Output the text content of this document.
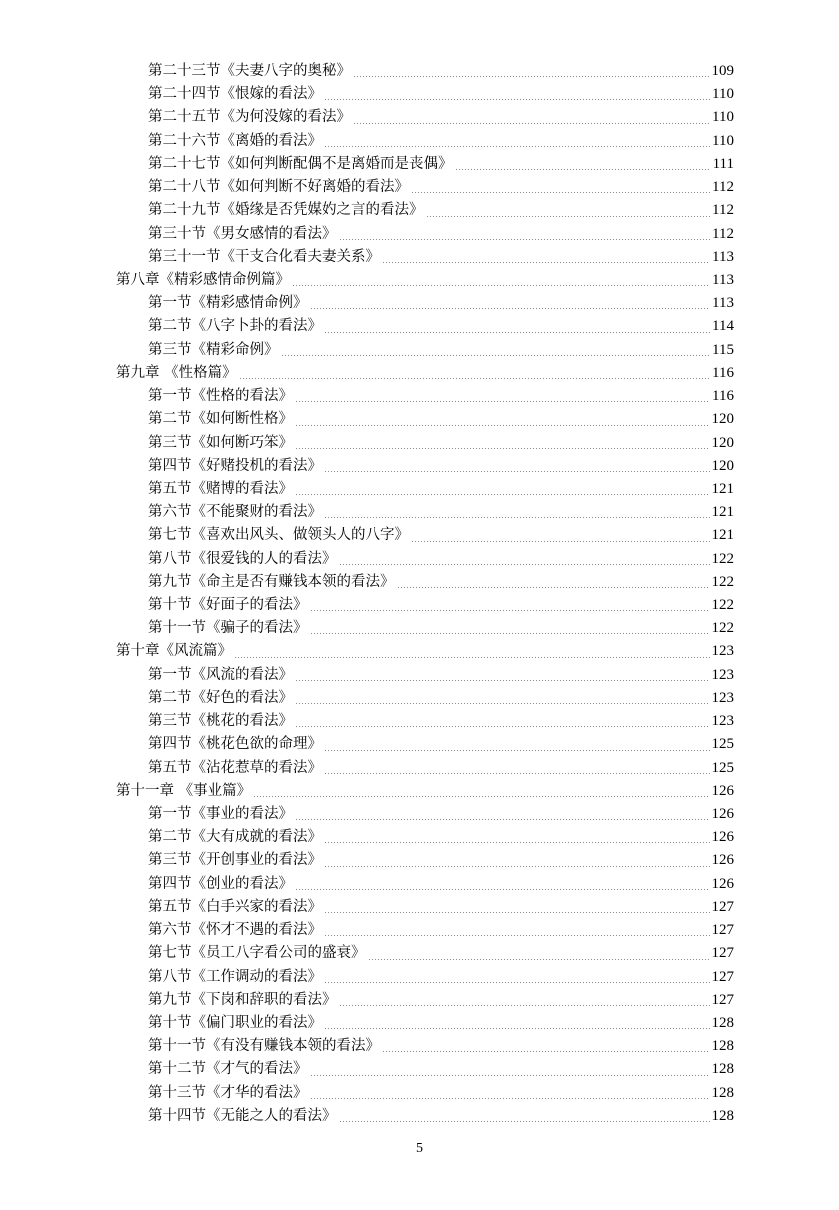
第二十三节《夫妻八字的奥秘》	109
第二十四节《恨嫁的看法》	110
第二十五节《为何没嫁的看法》	110
第二十六节《离婚的看法》	110
第二十七节《如何判断配偶不是离婚而是丧偶》	111
第二十八节《如何判断不好离婚的看法》	112
第二十九节《婚缘是否凭媒妁之言的看法》	112
第三十节《男女感情的看法》	112
第三十一节《干支合化看夫妻关系》	113
第八章《精彩感情命例篇》	113
第一节《精彩感情命例》	113
第二节《八字卜卦的看法》	114
第三节《精彩命例》	115
第九章 《性格篇》	116
第一节《性格的看法》	116
第二节《如何断性格》	120
第三节《如何断巧笨》	120
第四节《好赌投机的看法》	120
第五节《赌博的看法》	121
第六节《不能聚财的看法》	121
第七节《喜欢出风头、做领头人的八字》	121
第八节《很爱钱的人的看法》	122
第九节《命主是否有赚钱本领的看法》	122
第十节《好面子的看法》	122
第十一节《骗子的看法》	122
第十章《风流篇》	123
第一节《风流的看法》	123
第二节《好色的看法》	123
第三节《桃花的看法》	123
第四节《桃花色欲的命理》	125
第五节《沾花惹草的看法》	125
第十一章 《事业篇》	126
第一节《事业的看法》	126
第二节《大有成就的看法》	126
第三节《开创事业的看法》	126
第四节《创业的看法》	126
第五节《白手兴家的看法》	127
第六节《怀才不遇的看法》	127
第七节《员工八字看公司的盛衰》	127
第八节《工作调动的看法》	127
第九节《下岗和辞职的看法》	127
第十节《偏门职业的看法》	128
第十一节《有没有赚钱本领的看法》	128
第十二节《才气的看法》	128
第十三节《才华的看法》	128
第十四节《无能之人的看法》	128
5
